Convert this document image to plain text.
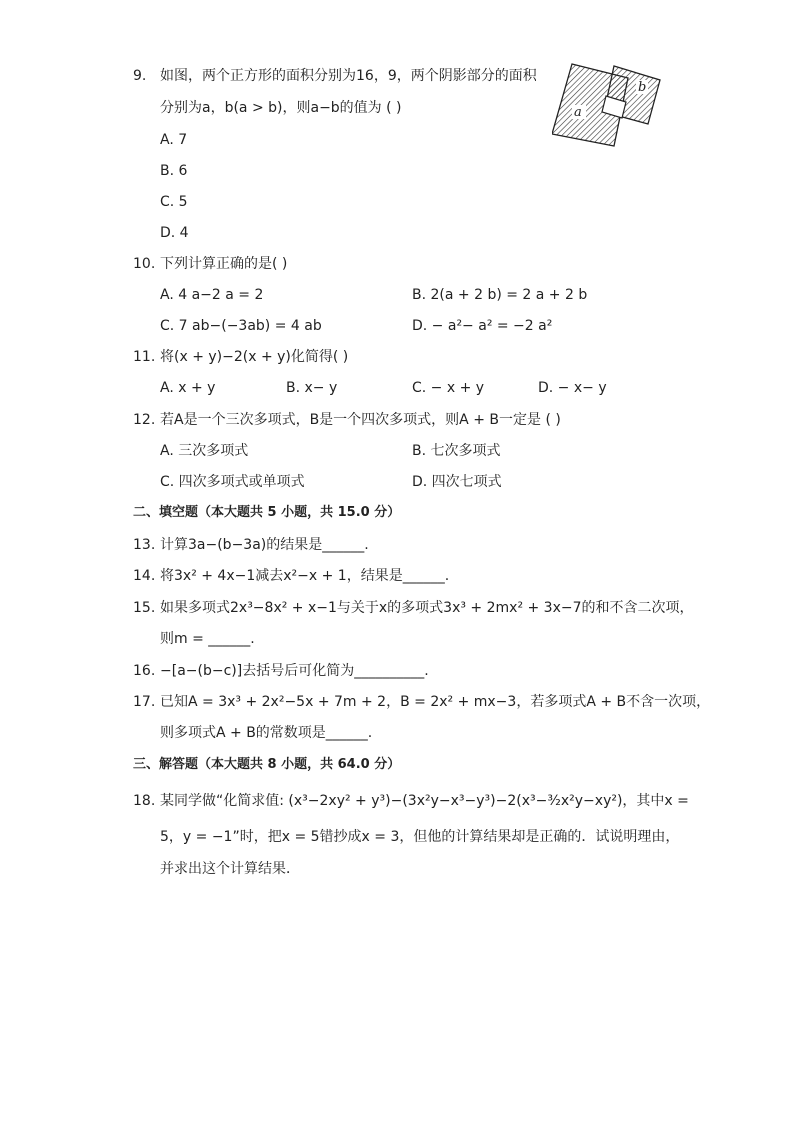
9. 如图，两个正方形的面积分别为16，9，两个阴影部分的面积
分别为a，b(a > b)，则a−b的值为 ( )
A. 7
B. 6
C. 5
D. 4
a
b
10. 下列计算正确的是( )
A. 4 a−2 a = 2	B. 2(a + 2 b) = 2 a + 2 b
C. 7 ab−(−3ab) = 4 ab	D. − a²− a² = −2 a²
11. 将(x + y)−2(x + y)化简得( )
A. x + y	B. x− y	C. − x + y	D. − x− y
12. 若A是一个三次多项式，B是一个四次多项式，则A + B一定是 ( )
A. 三次多项式	B. 七次多项式
C. 四次多项式或单项式	D. 四次七项式
二、填空题（本大题共 5 小题，共 15.0 分）
13. 计算3a−(b−3a)的结果是______.
14. 将3x² + 4x−1减去x²−x + 1，结果是______.
15. 如果多项式2x³−8x² + x−1与关于x的多项式3x³ + 2mx² + 3x−7的和不含二次项，
则m = ______.
16. −[a−(b−c)]去括号后可化简为__________.
17. 已知A = 3x³ + 2x²−5x + 7m + 2，B = 2x² + mx−3，若多项式A + B不含一次项，
则多项式A + B的常数项是______.
三、解答题（本大题共 8 小题，共 64.0 分）
18. 某同学做“化简求值: (x³−2xy² + y³)−(3x²y−x³−y³)−2(x³−³⁄₂x²y−xy²)，其中x =
5，y = −1”时，把x = 5错抄成x = 3，但他的计算结果却是正确的．试说明理由，
并求出这个计算结果．
